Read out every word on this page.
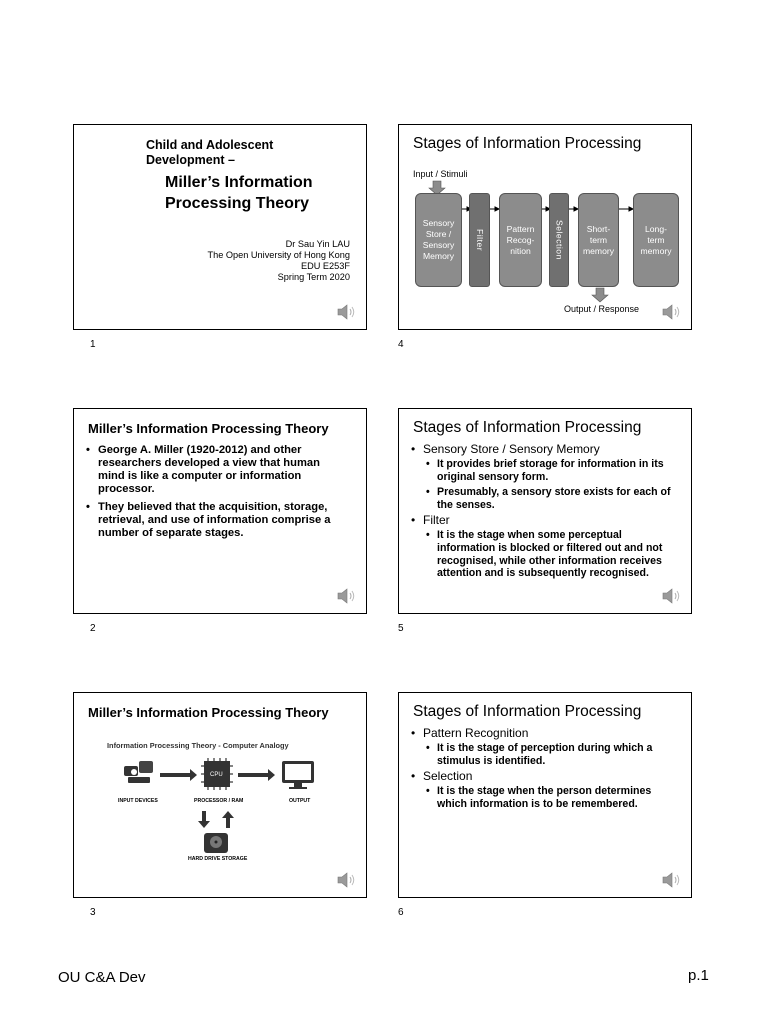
Child and Adolescent Development –

Miller’s Information
Processing Theory
Dr Sau Yin LAU
The Open University of Hong Kong
EDU E253F
Spring Term 2020
1
Stages of Information Processing
Input / Stimuli
Sensory
Store /
Sensory
Memory
Filter
Pattern
Recog-
nition	Selection	Short-
term
memory
Long-
term
memory
Output / Response
4
Miller’s Information Processing Theory
• George A. Miller (1920-2012) and other researchers developed a view that human mind is like a computer or information processor.
• They believed that the acquisition, storage, retrieval, and use of information comprise a number of separate stages.
2
Stages of Information Processing
• Sensory Store / Sensory Memory
• It provides brief storage for information in its original sensory form.
• Presumably, a sensory store exists for each of the senses.
• Filter
• It is the stage when some perceptual information is blocked or filtered out and not recognised, while other information receives attention and is subsequently recognised.
5
Miller’s Information Processing Theory
Information Processing Theory - Computer Analogy
INPUT DEVICES
CPU
PROCESSOR / RAM	OUTPUT
HARD DRIVE STORAGE
3
Stages of Information Processing
• Pattern Recognition
• It is the stage of perception during which a stimulus is identified.
• Selection
• It is the stage when the person determines which information is to be remembered.
6
OU C&A Dev	p.1
